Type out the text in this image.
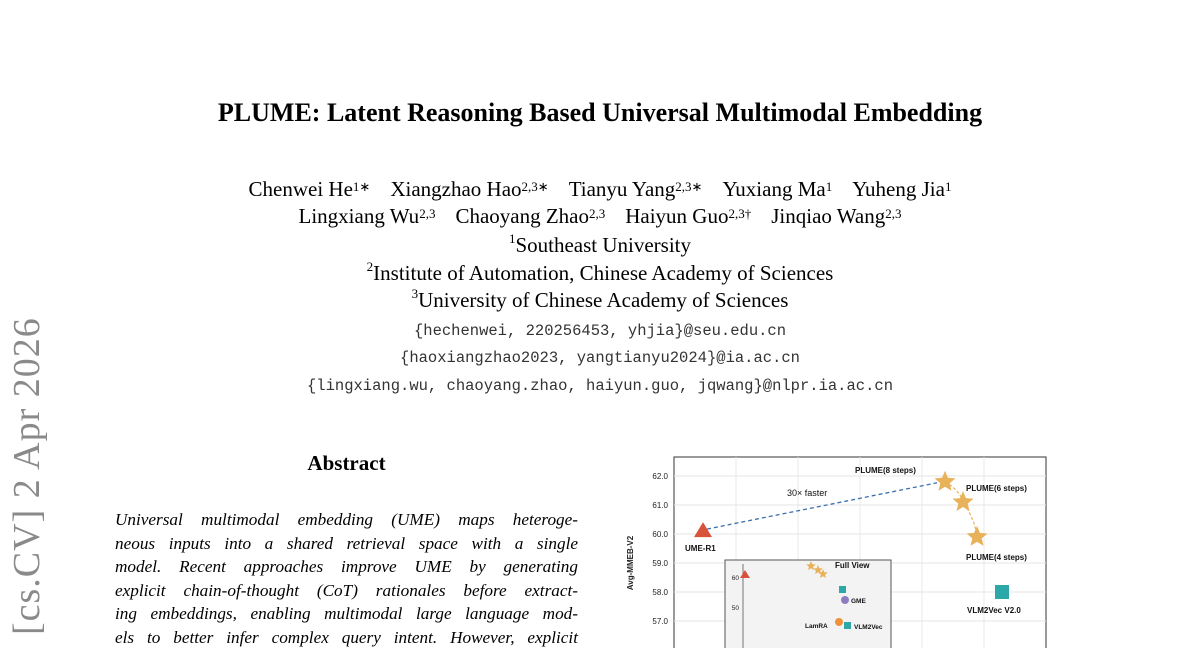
[cs.CV] 2 Apr 2026
PLUME: Latent Reasoning Based Universal Multimodal Embedding
Chenwei $He^{1∗}$ Xiangzhao Hao$^{2,3∗}$ Tianyu Yang$^{2,3∗}$ Yuxiang Ma$^1$ Yuheng Jia$^1$
Lingxiang Wu$^{2,3}$ Chaoyang Zhao$^{2,3}$ Haiyun Guo$^{2,3\dagger}$ Jinqiao Wang$^{2,3}$
$^1$Southeast University
$^2$Institute of Automation, Chinese Academy of Sciences
$^3$University of Chinese Academy of Sciences
{hechenwei, 220256453, yhjia}@seu.edu.cn
{haoxiangzhao2023, yangtianyu2024}@ia.ac.cn
{lingxiang.wu, chaoyang.zhao, haiyun.guo, jqwang}@nlpr.ia.ac.cn
Abstract
Universal multimodal embedding (UME) maps heteroge-
neous inputs into a shared retrieval space with a single
model. Recent approaches improve UME by generating
explicit chain-of-thought (CoT) rationales before extract-
ing embeddings, enabling multimodal large language mod-
els to better infer complex query intent. However, explicit
62.0
61.0
60.0
59.0
58.0
57.0
Avg-MMEB-V2
30× faster
UME-R1
PLUME(8 steps)
PLUME(6 steps)
PLUME(4 steps)
VLM2Vec V2.0
Full View
60
50
GME
LamRA	VLM2Vec
